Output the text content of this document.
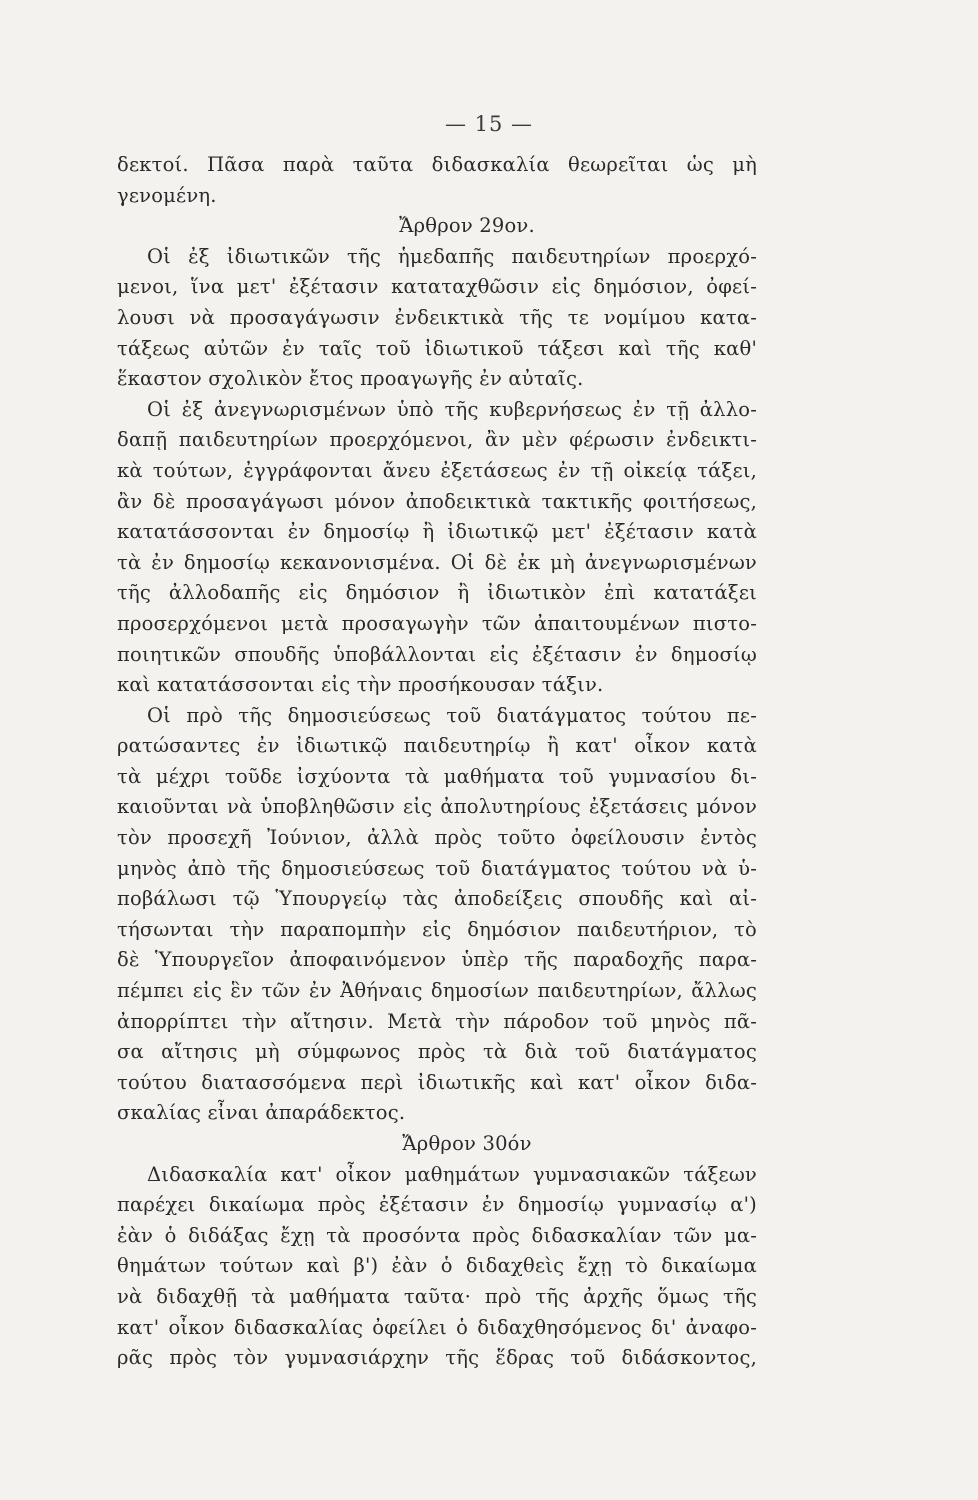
— 15 —
δεκτοί. Πᾶσα παρὰ ταῦτα διδασκαλία θεωρεῖται ὡς μὴ
γενομένη.
Ἄρθρον 29ον.
Οἱ ἐξ ἰδιωτικῶν τῆς ἡμεδαπῆς παιδευτηρίων προερχό-
μενοι, ἵνα μετ' ἐξέτασιν καταταχθῶσιν εἰς δημόσιον, ὀφεί-
λουσι νὰ προσαγάγωσιν ἐνδεικτικὰ τῆς τε νομίμου κατα-
τάξεως αὐτῶν ἐν ταῖς τοῦ ἰδιωτικοῦ τάξεσι καὶ τῆς καθ'
ἕκαστον σχολικὸν ἔτος προαγωγῆς ἐν αὐταῖς.
Οἱ ἐξ ἀνεγνωρισμένων ὑπὸ τῆς κυβερνήσεως ἐν τῇ ἀλλο-
δαπῇ παιδευτηρίων προερχόμενοι, ἂν μὲν φέρωσιν ἐνδεικτι-
κὰ τούτων, ἐγγράφονται ἄνευ ἐξετάσεως ἐν τῇ οἰκείᾳ τάξει,
ἂν δὲ προσαγάγωσι μόνον ἀποδεικτικὰ τακτικῆς φοιτήσεως,
κατατάσσονται ἐν δημοσίῳ ἢ ἰδιωτικῷ μετ' ἐξέτασιν κατὰ
τὰ ἐν δημοσίῳ κεκανονισμένα. Οἱ δὲ ἐκ μὴ ἀνεγνωρισμένων
τῆς ἀλλοδαπῆς εἰς δημόσιον ἢ ἰδιωτικὸν ἐπὶ κατατάξει
προσερχόμενοι μετὰ προσαγωγὴν τῶν ἀπαιτουμένων πιστο-
ποιητικῶν σπουδῆς ὑποβάλλονται εἰς ἐξέτασιν ἐν δημοσίῳ
καὶ κατατάσσονται εἰς τὴν προσήκουσαν τάξιν.
Οἱ πρὸ τῆς δημοσιεύσεως τοῦ διατάγματος τούτου πε-
ρατώσαντες ἐν ἰδιωτικῷ παιδευτηρίῳ ἢ κατ' οἶκον κατὰ
τὰ μέχρι τοῦδε ἰσχύοντα τὰ μαθήματα τοῦ γυμνασίου δι-
καιοῦνται νὰ ὑποβληθῶσιν εἰς ἀπολυτηρίους ἐξετάσεις μόνον
τὸν προσεχῆ Ἰούνιον, ἀλλὰ πρὸς τοῦτο ὀφείλουσιν ἐντὸς
μηνὸς ἀπὸ τῆς δημοσιεύσεως τοῦ διατάγματος τούτου νὰ ὑ-
ποβάλωσι τῷ Ὑπουργείῳ τὰς ἀποδείξεις σπουδῆς καὶ αἰ-
τήσωνται τὴν παραπομπὴν εἰς δημόσιον παιδευτήριον, τὸ
δὲ Ὑπουργεῖον ἀποφαινόμενον ὑπὲρ τῆς παραδοχῆς παρα-
πέμπει εἰς ἓν τῶν ἐν Ἀθήναις δημοσίων παιδευτηρίων, ἄλλως
ἀπορρίπτει τὴν αἴτησιν. Μετὰ τὴν πάροδον τοῦ μηνὸς πᾶ-
σα αἴτησις μὴ σύμφωνος πρὸς τὰ διὰ τοῦ διατάγματος
τούτου διατασσόμενα περὶ ἰδιωτικῆς καὶ κατ' οἶκον διδα-
σκαλίας εἶναι ἀπαράδεκτος.
Ἄρθρον 30όν
Διδασκαλία κατ' οἶκον μαθημάτων γυμνασιακῶν τάξεων
παρέχει δικαίωμα πρὸς ἐξέτασιν ἐν δημοσίῳ γυμνασίῳ α')
ἐὰν ὁ διδάξας ἔχῃ τὰ προσόντα πρὸς διδασκαλίαν τῶν μα-
θημάτων τούτων καὶ β') ἐὰν ὁ διδαχθεὶς ἔχῃ τὸ δικαίωμα
νὰ διδαχθῇ τὰ μαθήματα ταῦτα· πρὸ τῆς ἀρχῆς ὅμως τῆς
κατ' οἶκον διδασκαλίας ὀφείλει ὁ διδαχθησόμενος δι' ἀναφο-
ρᾶς πρὸς τὸν γυμνασιάρχην τῆς ἕδρας τοῦ διδάσκοντος,
